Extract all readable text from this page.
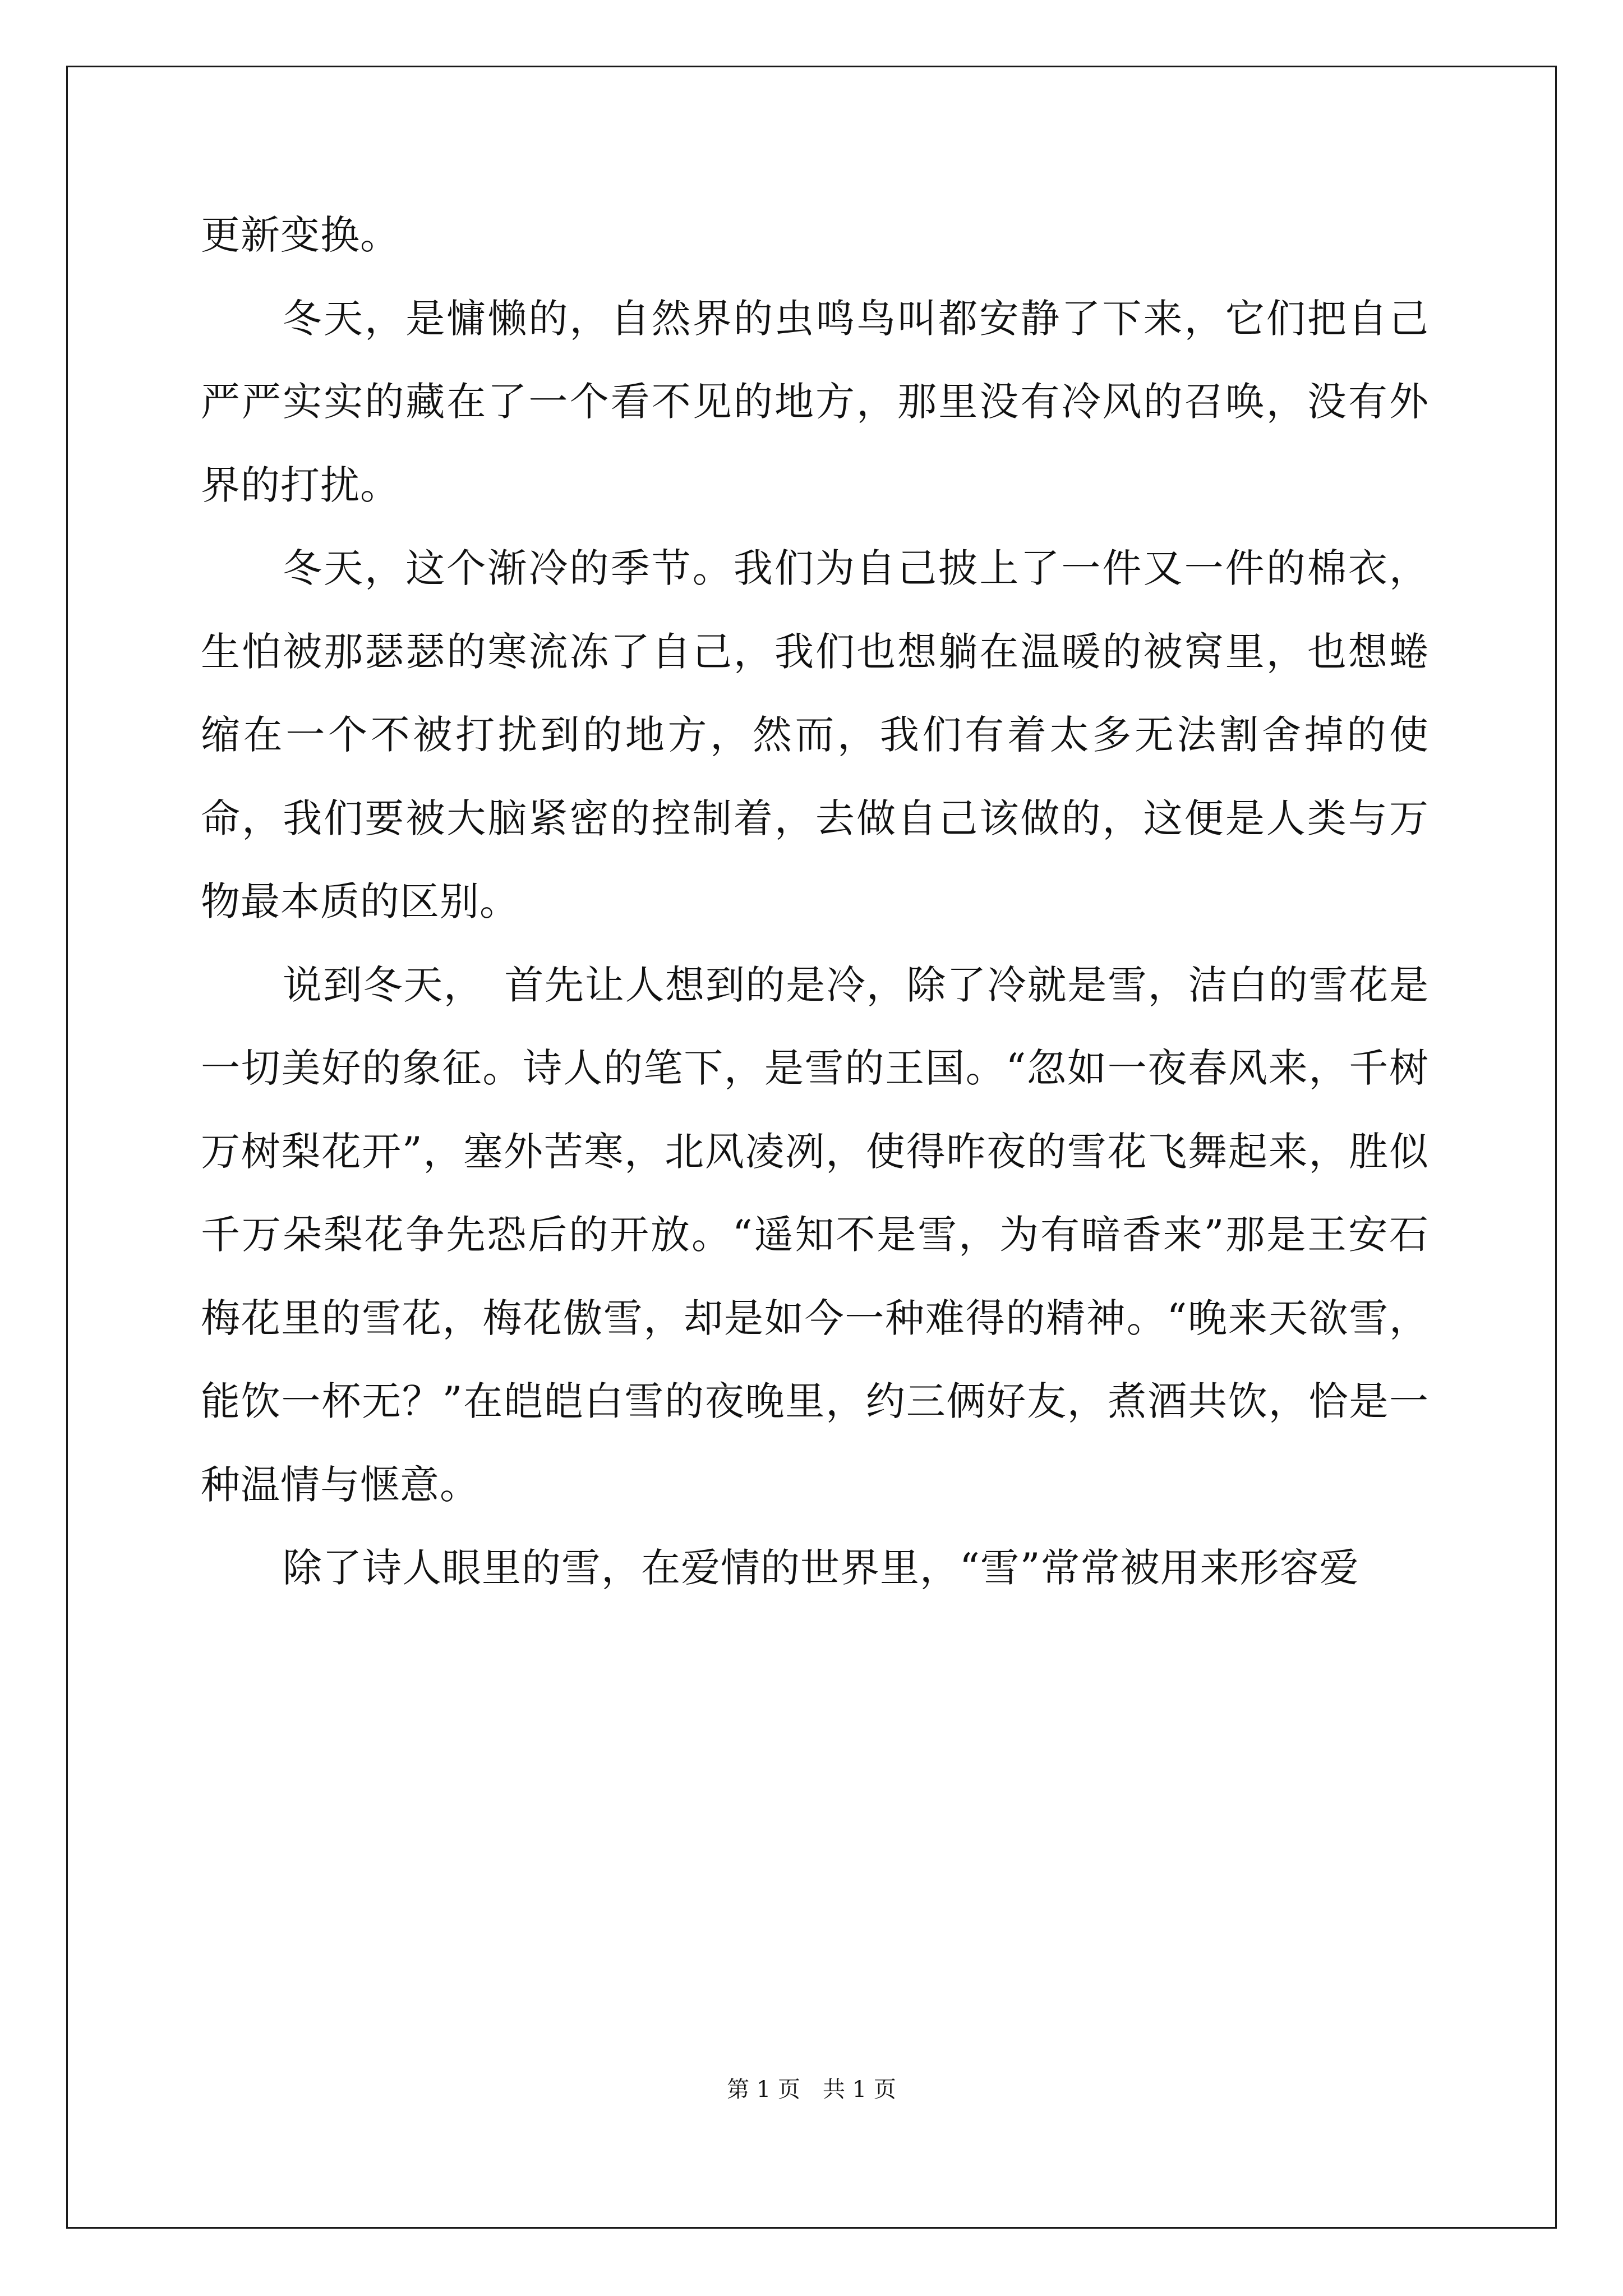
更新变换。

冬天，是慵懒的，自然界的虫鸣鸟叫都安静了下来，它们把自己严严实实的藏在了一个看不见的地方，那里没有冷风的召唤，没有外界的打扰。

冬天，这个渐冷的季节。我们为自己披上了一件又一件的棉衣，生怕被那瑟瑟的寒流冻了自己，我们也想躺在温暖的被窝里，也想蜷缩在一个不被打扰到的地方，然而，我们有着太多无法割舍掉的使命，我们要被大脑紧密的控制着，去做自己该做的，这便是人类与万物最本质的区别。

说到冬天，　首先让人想到的是冷，除了冷就是雪，洁白的雪花是一切美好的象征。诗人的笔下，是雪的王国。“忽如一夜春风来，千树万树梨花开”，塞外苦寒，北风凌冽，使得昨夜的雪花飞舞起来，胜似千万朵梨花争先恐后的开放。“遥知不是雪，为有暗香来”那是王安石梅花里的雪花，梅花傲雪，却是如今一种难得的精神。“晚来天欲雪，能饮一杯无？”在皑皑白雪的夜晚里，约三俩好友，煮酒共饮，恰是一种温情与惬意。

除了诗人眼里的雪，在爱情的世界里，“雪”常常被用来形容爱

第 1 页　共 1 页
